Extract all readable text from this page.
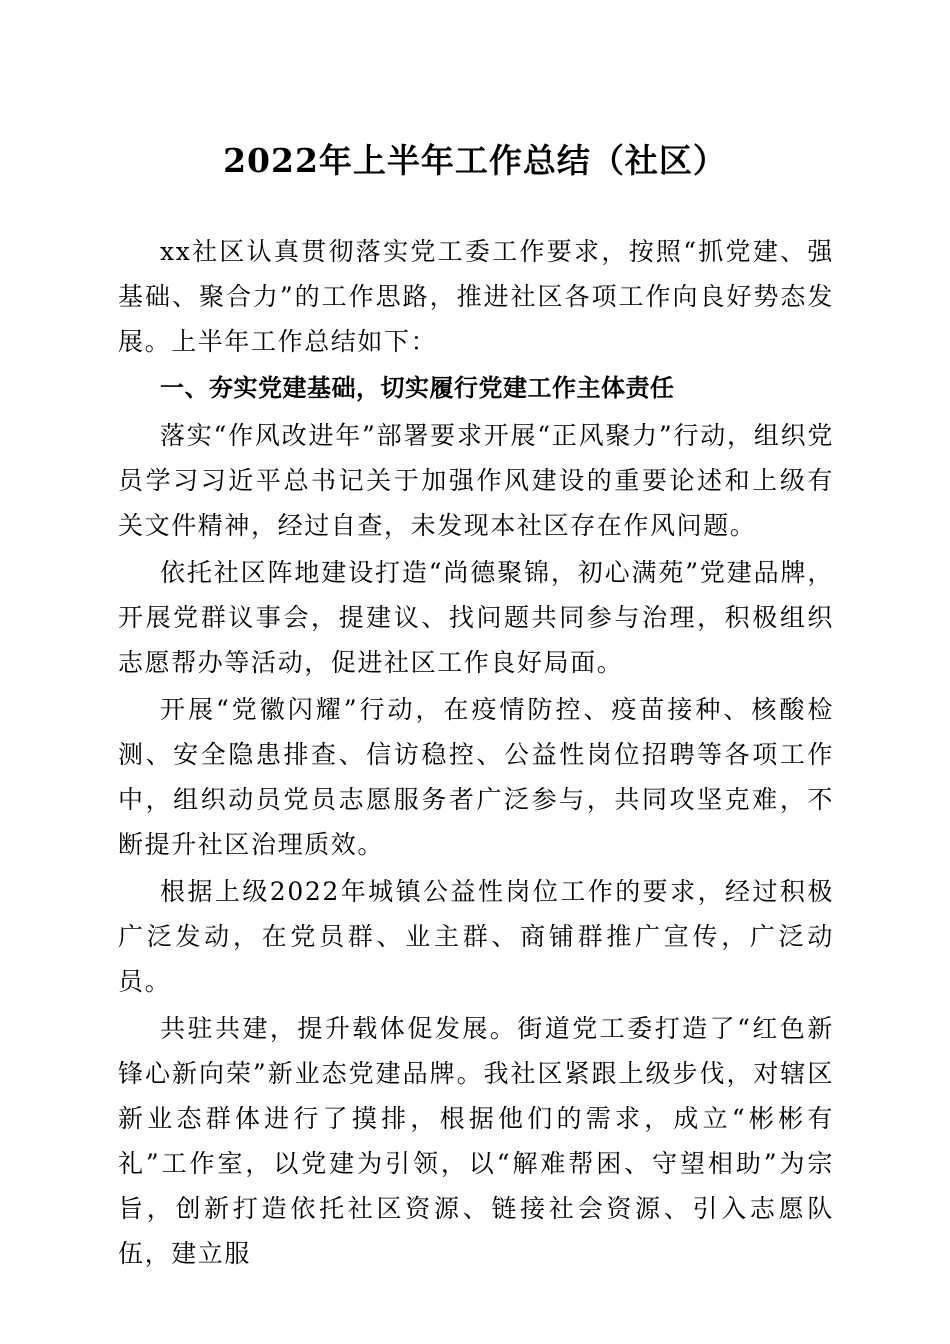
2022年上半年工作总结（社区）

xx社区认真贯彻落实党工委工作要求，按照“抓党建、强基础、聚合力”的工作思路，推进社区各项工作向良好势态发展。上半年工作总结如下：

一、夯实党建基础，切实履行党建工作主体责任

落实“作风改进年”部署要求开展“正风聚力”行动，组织党员学习习近平总书记关于加强作风建设的重要论述和上级有关文件精神，经过自查，未发现本社区存在作风问题。

依托社区阵地建设打造“尚德聚锦，初心满苑”党建品牌，开展党群议事会，提建议、找问题共同参与治理，积极组织志愿帮办等活动，促进社区工作良好局面。

开展“党徽闪耀”行动，在疫情防控、疫苗接种、核酸检测、安全隐患排查、信访稳控、公益性岗位招聘等各项工作中，组织动员党员志愿服务者广泛参与，共同攻坚克难，不断提升社区治理质效。

根据上级2022年城镇公益性岗位工作的要求，经过积极广泛发动，在党员群、业主群、商铺群推广宣传，广泛动员。

共驻共建，提升载体促发展。街道党工委打造了“红色新锋心新向荣”新业态党建品牌。我社区紧跟上级步伐，对辖区新业态群体进行了摸排，根据他们的需求，成立“彬彬有礼”工作室，以党建为引领，以“解难帮困、守望相助”为宗旨，创新打造依托社区资源、链接社会资源、引入志愿队伍，建立服
